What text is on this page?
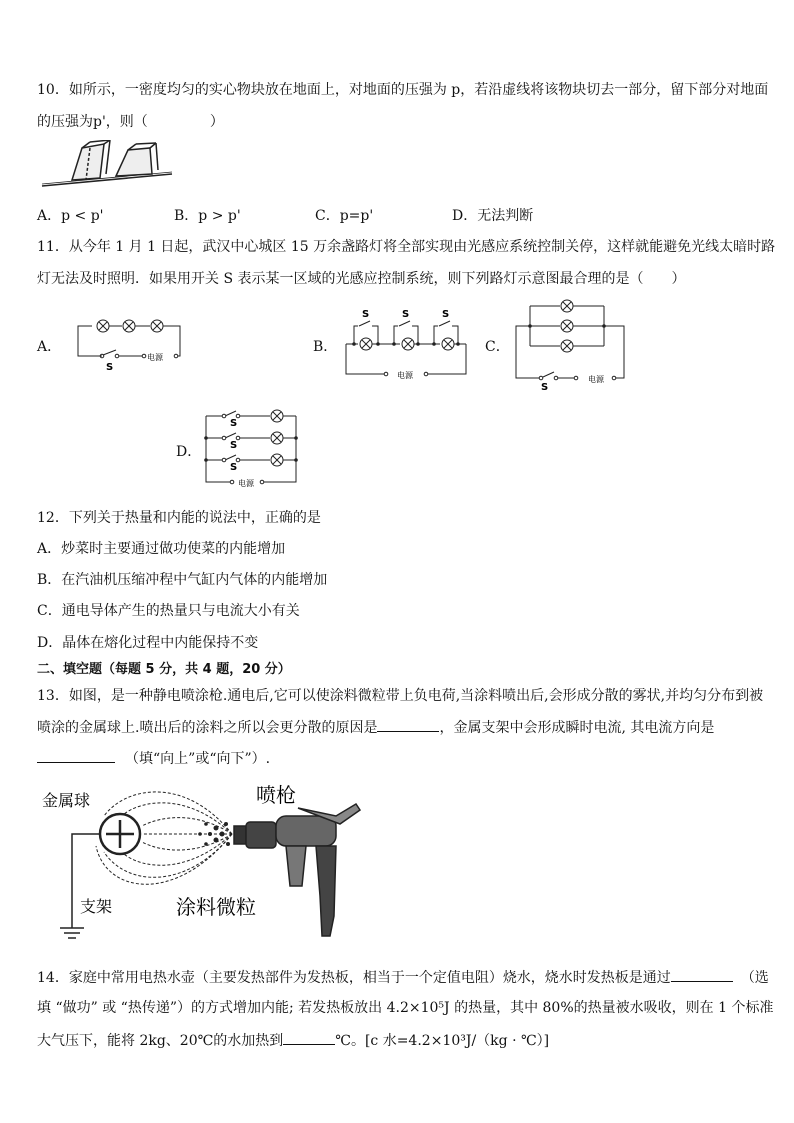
10．如所示，一密度均匀的实心物块放在地面上，对地面的压强为 p，若沿虚线将该物块切去一部分，留下部分对地面
的压强为p'，则（	）
A．p < p'	B．p > p'	C．p=p'	D．无法判断
11．从今年 1 月 1 日起，武汉中心城区 15 万余盏路灯将全部实现由光感应系统控制关停，这样就能避免光线太暗时路
灯无法及时照明．如果用开关 S 表示某一区域的光感应控制系统，则下列路灯示意图最合理的是（　　）
A．
S
电源
B．
S	S	S
电源
C．
S
电源
D．
S
S
S
电源
12．下列关于热量和内能的说法中，正确的是
A．炒菜时主要通过做功使菜的内能增加
B．在汽油机压缩冲程中气缸内气体的内能增加
C．通电导体产生的热量只与电流大小有关
D．晶体在熔化过程中内能保持不变
二、填空题（每题 5 分，共 4 题，20 分）
13．如图，是一种静电喷涂枪.通电后,它可以使涂料微粒带上负电荷,当涂料喷出后,会形成分散的雾状,并均匀分布到被
喷涂的金属球上.喷出后的涂料之所以会更分散的原因是	，金属支架中会形成瞬时电流, 其电流方向是
（填“向上”或“向下”）.
金属球	喷枪
支架	涂料微粒
14．家庭中常用电热水壶（主要发热部件为发热板，相当于一个定值电阻）烧水，烧水时发热板是通过	（选
填 “做功” 或 “热传递”）的方式增加内能; 若发热板放出 4.2×10⁵J 的热量，其中 80%的热量被水吸收，则在 1 个标准
大气压下，能将 2kg、20℃的水加热到	℃。[c 水=4.2×10³J/（kg · ℃）]
